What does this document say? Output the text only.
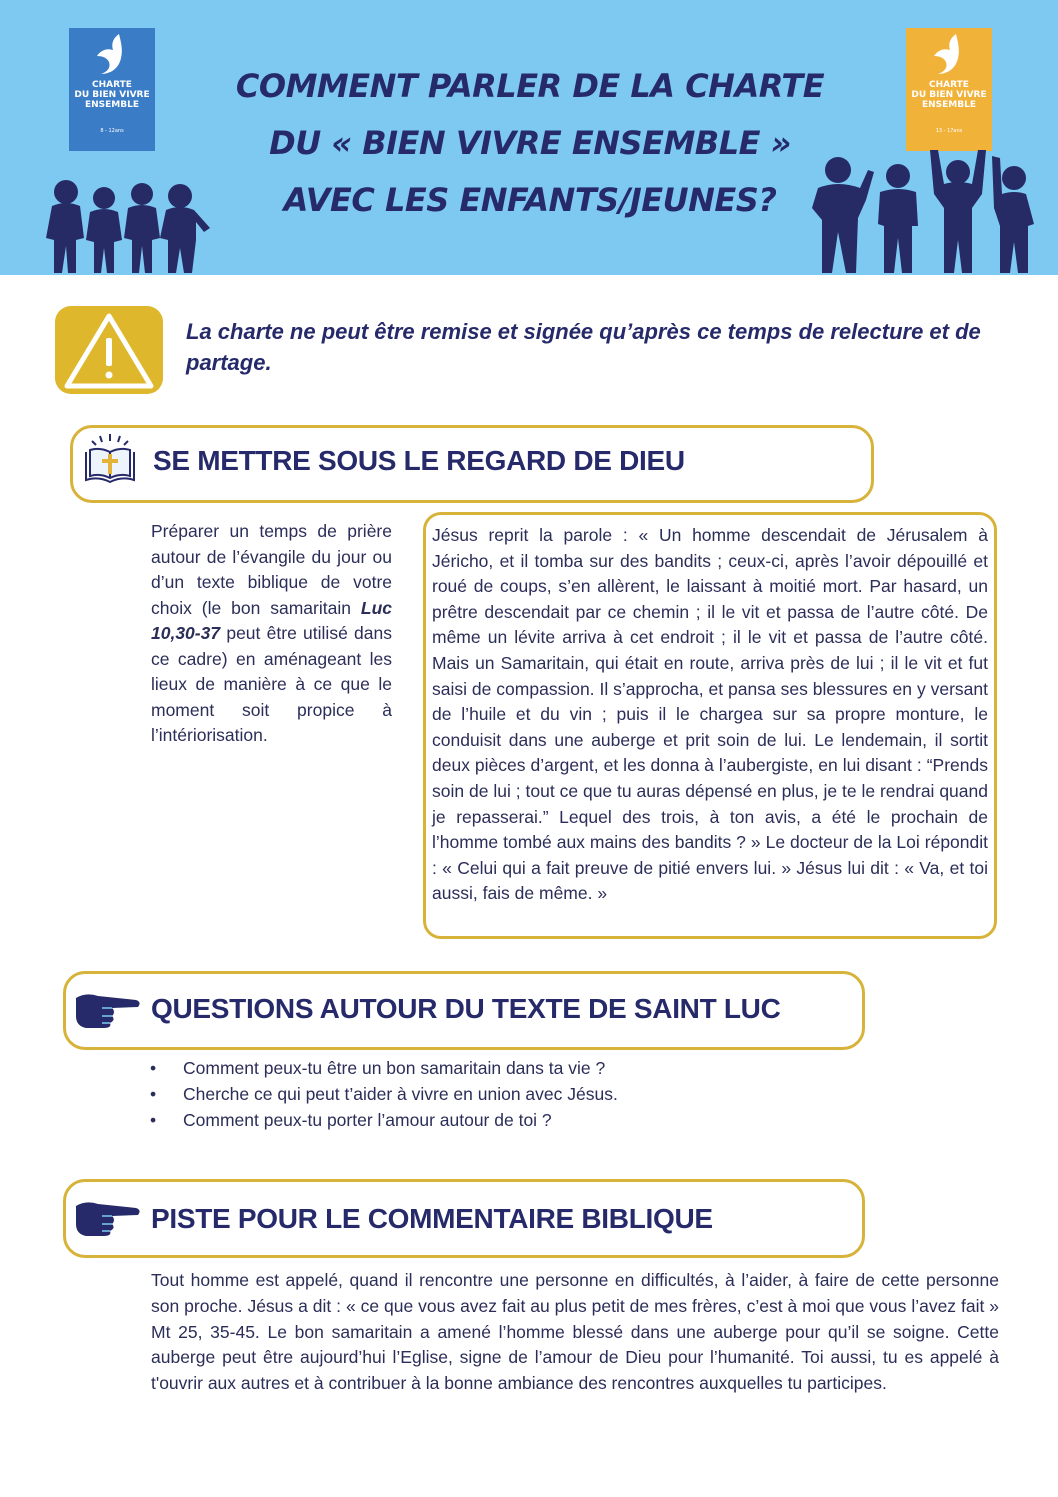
CHARTE
DU BIEN VIVRE
ENSEMBLE
8 - 12ans
CHARTE
DU BIEN VIVRE
ENSEMBLE
13 - 17ans
COMMENT PARLER DE LA CHARTE
DU « BIEN VIVRE ENSEMBLE »
AVEC LES ENFANTS/JEUNES?
La charte ne peut être remise et signée qu’après ce temps de relecture et de partage.
SE METTRE SOUS LE REGARD DE DIEU
Préparer un temps de prière autour de l’évangile du jour ou d’un texte biblique de votre choix (le bon samaritain Luc 10,30-37 peut être utilisé dans ce cadre) en aménageant les lieux de manière à ce que le moment soit propice à l’intériorisation.
Jésus reprit la parole : « Un homme descendait de Jérusalem à Jéricho, et il tomba sur des bandits ; ceux-ci, après l’avoir dépouillé et roué de coups, s’en allèrent, le laissant à moitié mort. Par hasard, un prêtre descendait par ce chemin ; il le vit et passa de l’autre côté. De même un lévite arriva à cet endroit ; il le vit et passa de l’autre côté. Mais un Samaritain, qui était en route, arriva près de lui ; il le vit et fut saisi de compassion. Il s’approcha, et pansa ses blessures en y versant de l’huile et du vin ; puis il le chargea sur sa propre monture, le conduisit dans une auberge et prit soin de lui. Le lendemain, il sortit deux pièces d’argent, et les donna à l’aubergiste, en lui disant : “Prends soin de lui ; tout ce que tu auras dépensé en plus, je te le rendrai quand je repasserai.” Lequel des trois, à ton avis, a été le prochain de l’homme tombé aux mains des bandits ? » Le docteur de la Loi répondit : « Celui qui a fait preuve de pitié envers lui. » Jésus lui dit : « Va, et toi aussi, fais de même. »
QUESTIONS AUTOUR DU TEXTE DE SAINT LUC
• Comment peux-tu être un bon samaritain dans ta vie ?
• Cherche ce qui peut t’aider à vivre en union avec Jésus.
• Comment peux-tu porter l’amour autour de toi ?
PISTE POUR LE COMMENTAIRE BIBLIQUE
Tout homme est appelé, quand il rencontre une personne en difficultés, à l’aider, à faire de cette personne son proche. Jésus a dit : « ce que vous avez fait au plus petit de mes frères, c’est à moi que vous l’avez fait » Mt 25, 35-45. Le bon samaritain a amené l’homme blessé dans une auberge pour qu’il se soigne. Cette auberge peut être aujourd’hui l’Eglise, signe de l’amour de Dieu pour l’humanité. Toi aussi, tu es appelé à t'ouvrir aux autres et à contribuer à la bonne ambiance des rencontres auxquelles tu participes.
